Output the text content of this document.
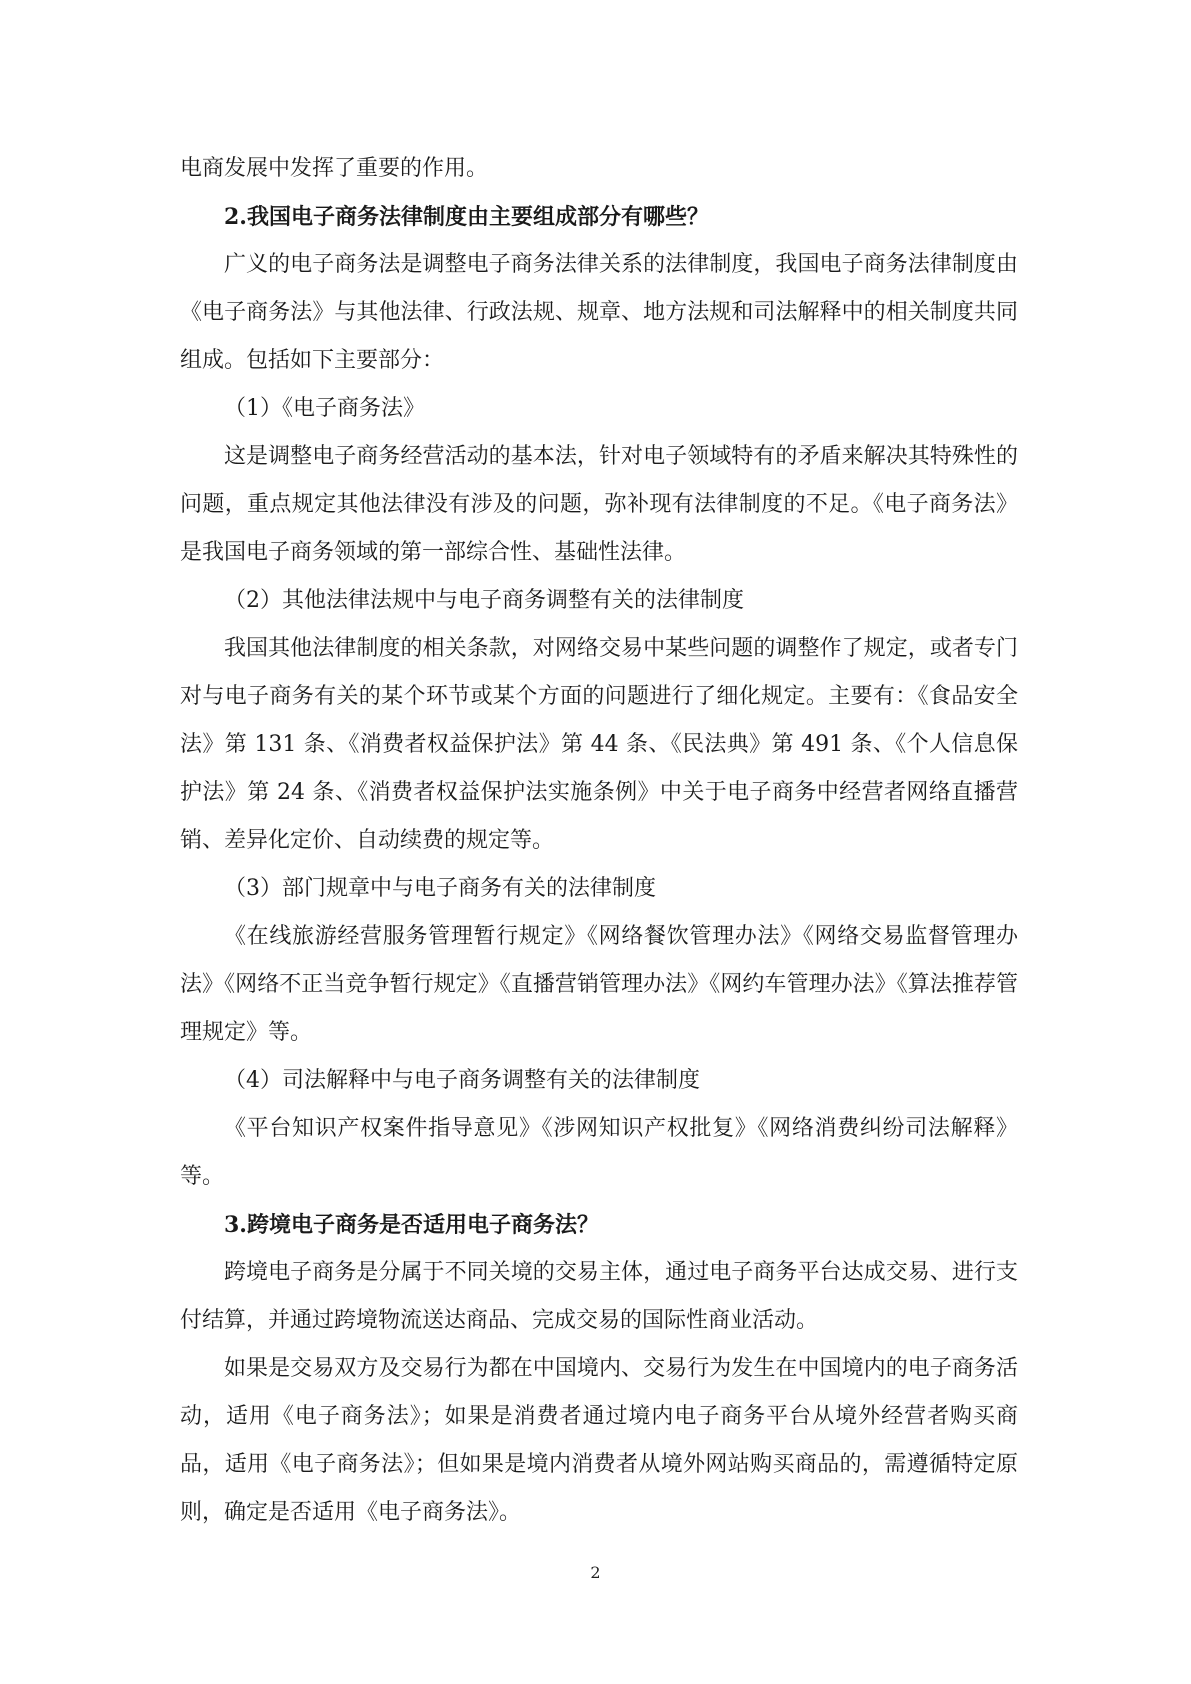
电商发展中发挥了重要的作用。

2.我国电子商务法律制度由主要组成部分有哪些？

广义的电子商务法是调整电子商务法律关系的法律制度，我国电子商务法律制度由《电子商务法》与其他法律、行政法规、规章、地方法规和司法解释中的相关制度共同组成。包括如下主要部分：

（1）《电子商务法》

这是调整电子商务经营活动的基本法，针对电子领域特有的矛盾来解决其特殊性的问题，重点规定其他法律没有涉及的问题，弥补现有法律制度的不足。《电子商务法》是我国电子商务领域的第一部综合性、基础性法律。

（2）其他法律法规中与电子商务调整有关的法律制度

我国其他法律制度的相关条款，对网络交易中某些问题的调整作了规定，或者专门对与电子商务有关的某个环节或某个方面的问题进行了细化规定。主要有：《食品安全法》第 131 条、《消费者权益保护法》第 44 条、《民法典》第 491 条、《个人信息保护法》第 24 条、《消费者权益保护法实施条例》中关于电子商务中经营者网络直播营销、差异化定价、自动续费的规定等。

（3）部门规章中与电子商务有关的法律制度

《在线旅游经营服务管理暂行规定》《网络餐饮管理办法》《网络交易监督管理办法》《网络不正当竞争暂行规定》《直播营销管理办法》《网约车管理办法》《算法推荐管理规定》等。

（4）司法解释中与电子商务调整有关的法律制度

《平台知识产权案件指导意见》《涉网知识产权批复》《网络消费纠纷司法解释》等。

3.跨境电子商务是否适用电子商务法？

跨境电子商务是分属于不同关境的交易主体，通过电子商务平台达成交易、进行支付结算，并通过跨境物流送达商品、完成交易的国际性商业活动。

如果是交易双方及交易行为都在中国境内、交易行为发生在中国境内的电子商务活动，适用《电子商务法》；如果是消费者通过境内电子商务平台从境外经营者购买商品，适用《电子商务法》；但如果是境内消费者从境外网站购买商品的，需遵循特定原则，确定是否适用《电子商务法》。

2
